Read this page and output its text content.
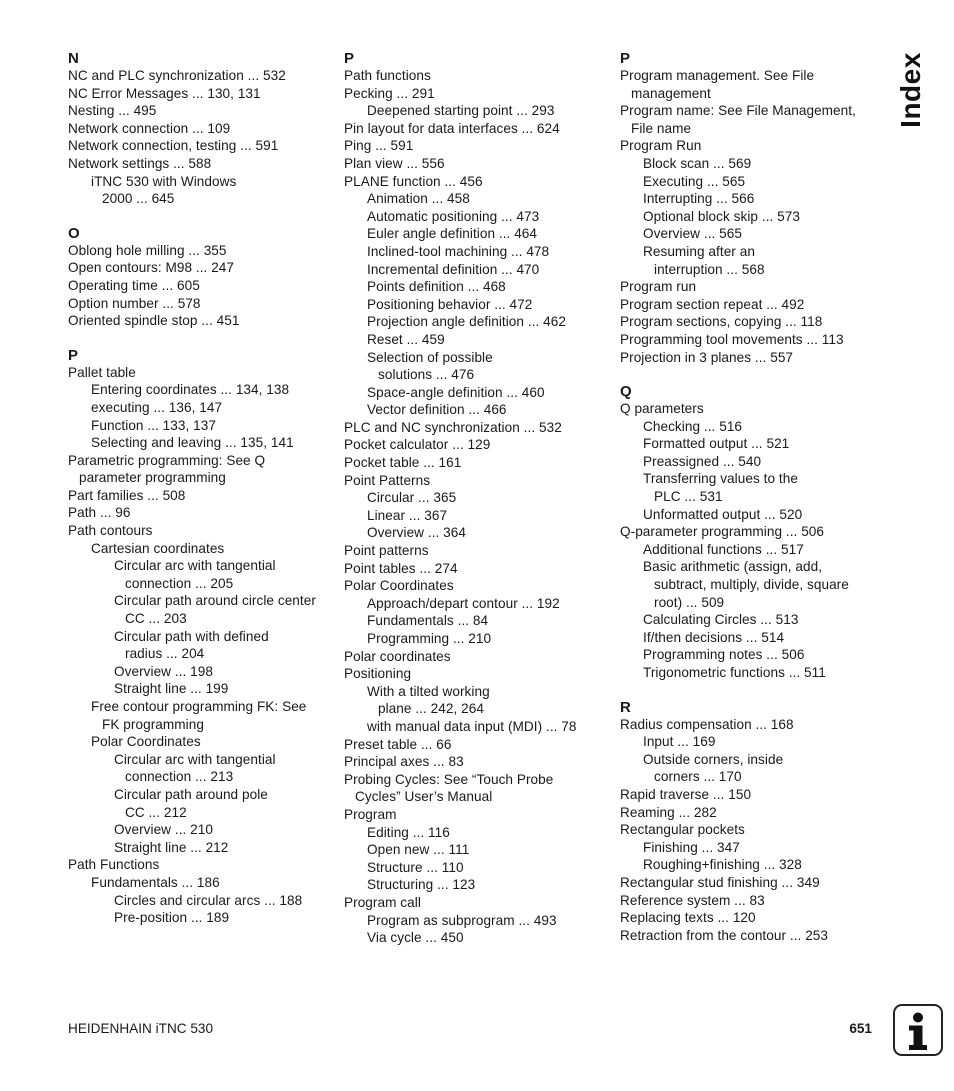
N
NC and PLC synchronization ... 532
NC Error Messages ... 130, 131
Nesting ... 495
Network connection ... 109
Network connection, testing ... 591
Network settings ... 588
iTNC 530 with Windows
2000 ... 645
O
Oblong hole milling ... 355
Open contours: M98 ... 247
Operating time ... 605
Option number ... 578
Oriented spindle stop ... 451
P
Pallet table
Entering coordinates ... 134, 138
executing ... 136, 147
Function ... 133, 137
Selecting and leaving ... 135, 141
Parametric programming: See Q
parameter programming
Part families ... 508
Path ... 96
Path contours
Cartesian coordinates
Circular arc with tangential
connection ... 205
Circular path around circle center
CC ... 203
Circular path with defined
radius ... 204
Overview ... 198
Straight line ... 199
Free contour programming FK: See
FK programming
Polar Coordinates
Circular arc with tangential
connection ... 213
Circular path around pole
CC ... 212
Overview ... 210
Straight line ... 212
Path Functions
Fundamentals ... 186
Circles and circular arcs ... 188
Pre-position ... 189
P
Path functions
Pecking ... 291
Deepened starting point ... 293
Pin layout for data interfaces ... 624
Ping ... 591
Plan view ... 556
PLANE function ... 456
Animation ... 458
Automatic positioning ... 473
Euler angle definition ... 464
Inclined-tool machining ... 478
Incremental definition ... 470
Points definition ... 468
Positioning behavior ... 472
Projection angle definition ... 462
Reset ... 459
Selection of possible
solutions ... 476
Space-angle definition ... 460
Vector definition ... 466
PLC and NC synchronization ... 532
Pocket calculator ... 129
Pocket table ... 161
Point Patterns
Circular ... 365
Linear ... 367
Overview ... 364
Point patterns
Point tables ... 274
Polar Coordinates
Approach/depart contour ... 192
Fundamentals ... 84
Programming ... 210
Polar coordinates
Positioning
With a tilted working
plane ... 242, 264
with manual data input (MDI) ... 78
Preset table ... 66
Principal axes ... 83
Probing Cycles: See “Touch Probe
Cycles” User’s Manual
Program
Editing ... 116
Open new ... 111
Structure ... 110
Structuring ... 123
Program call
Program as subprogram ... 493
Via cycle ... 450
P
Program management. See File
management
Program name: See File Management,
File name
Program Run
Block scan ... 569
Executing ... 565
Interrupting ... 566
Optional block skip ... 573
Overview ... 565
Resuming after an
interruption ... 568
Program run
Program section repeat ... 492
Program sections, copying ... 118
Programming tool movements ... 113
Projection in 3 planes ... 557
Q
Q parameters
Checking ... 516
Formatted output ... 521
Preassigned ... 540
Transferring values to the
PLC ... 531
Unformatted output ... 520
Q-parameter programming ... 506
Additional functions ... 517
Basic arithmetic (assign, add,
subtract, multiply, divide, square
root) ... 509
Calculating Circles ... 513
If/then decisions ... 514
Programming notes ... 506
Trigonometric functions ... 511
R
Radius compensation ... 168
Input ... 169
Outside corners, inside
corners ... 170
Rapid traverse ... 150
Reaming ... 282
Rectangular pockets
Finishing ... 347
Roughing+finishing ... 328
Rectangular stud finishing ... 349
Reference system ... 83
Replacing texts ... 120
Retraction from the contour ... 253
Index
HEIDENHAIN iTNC 530	651
